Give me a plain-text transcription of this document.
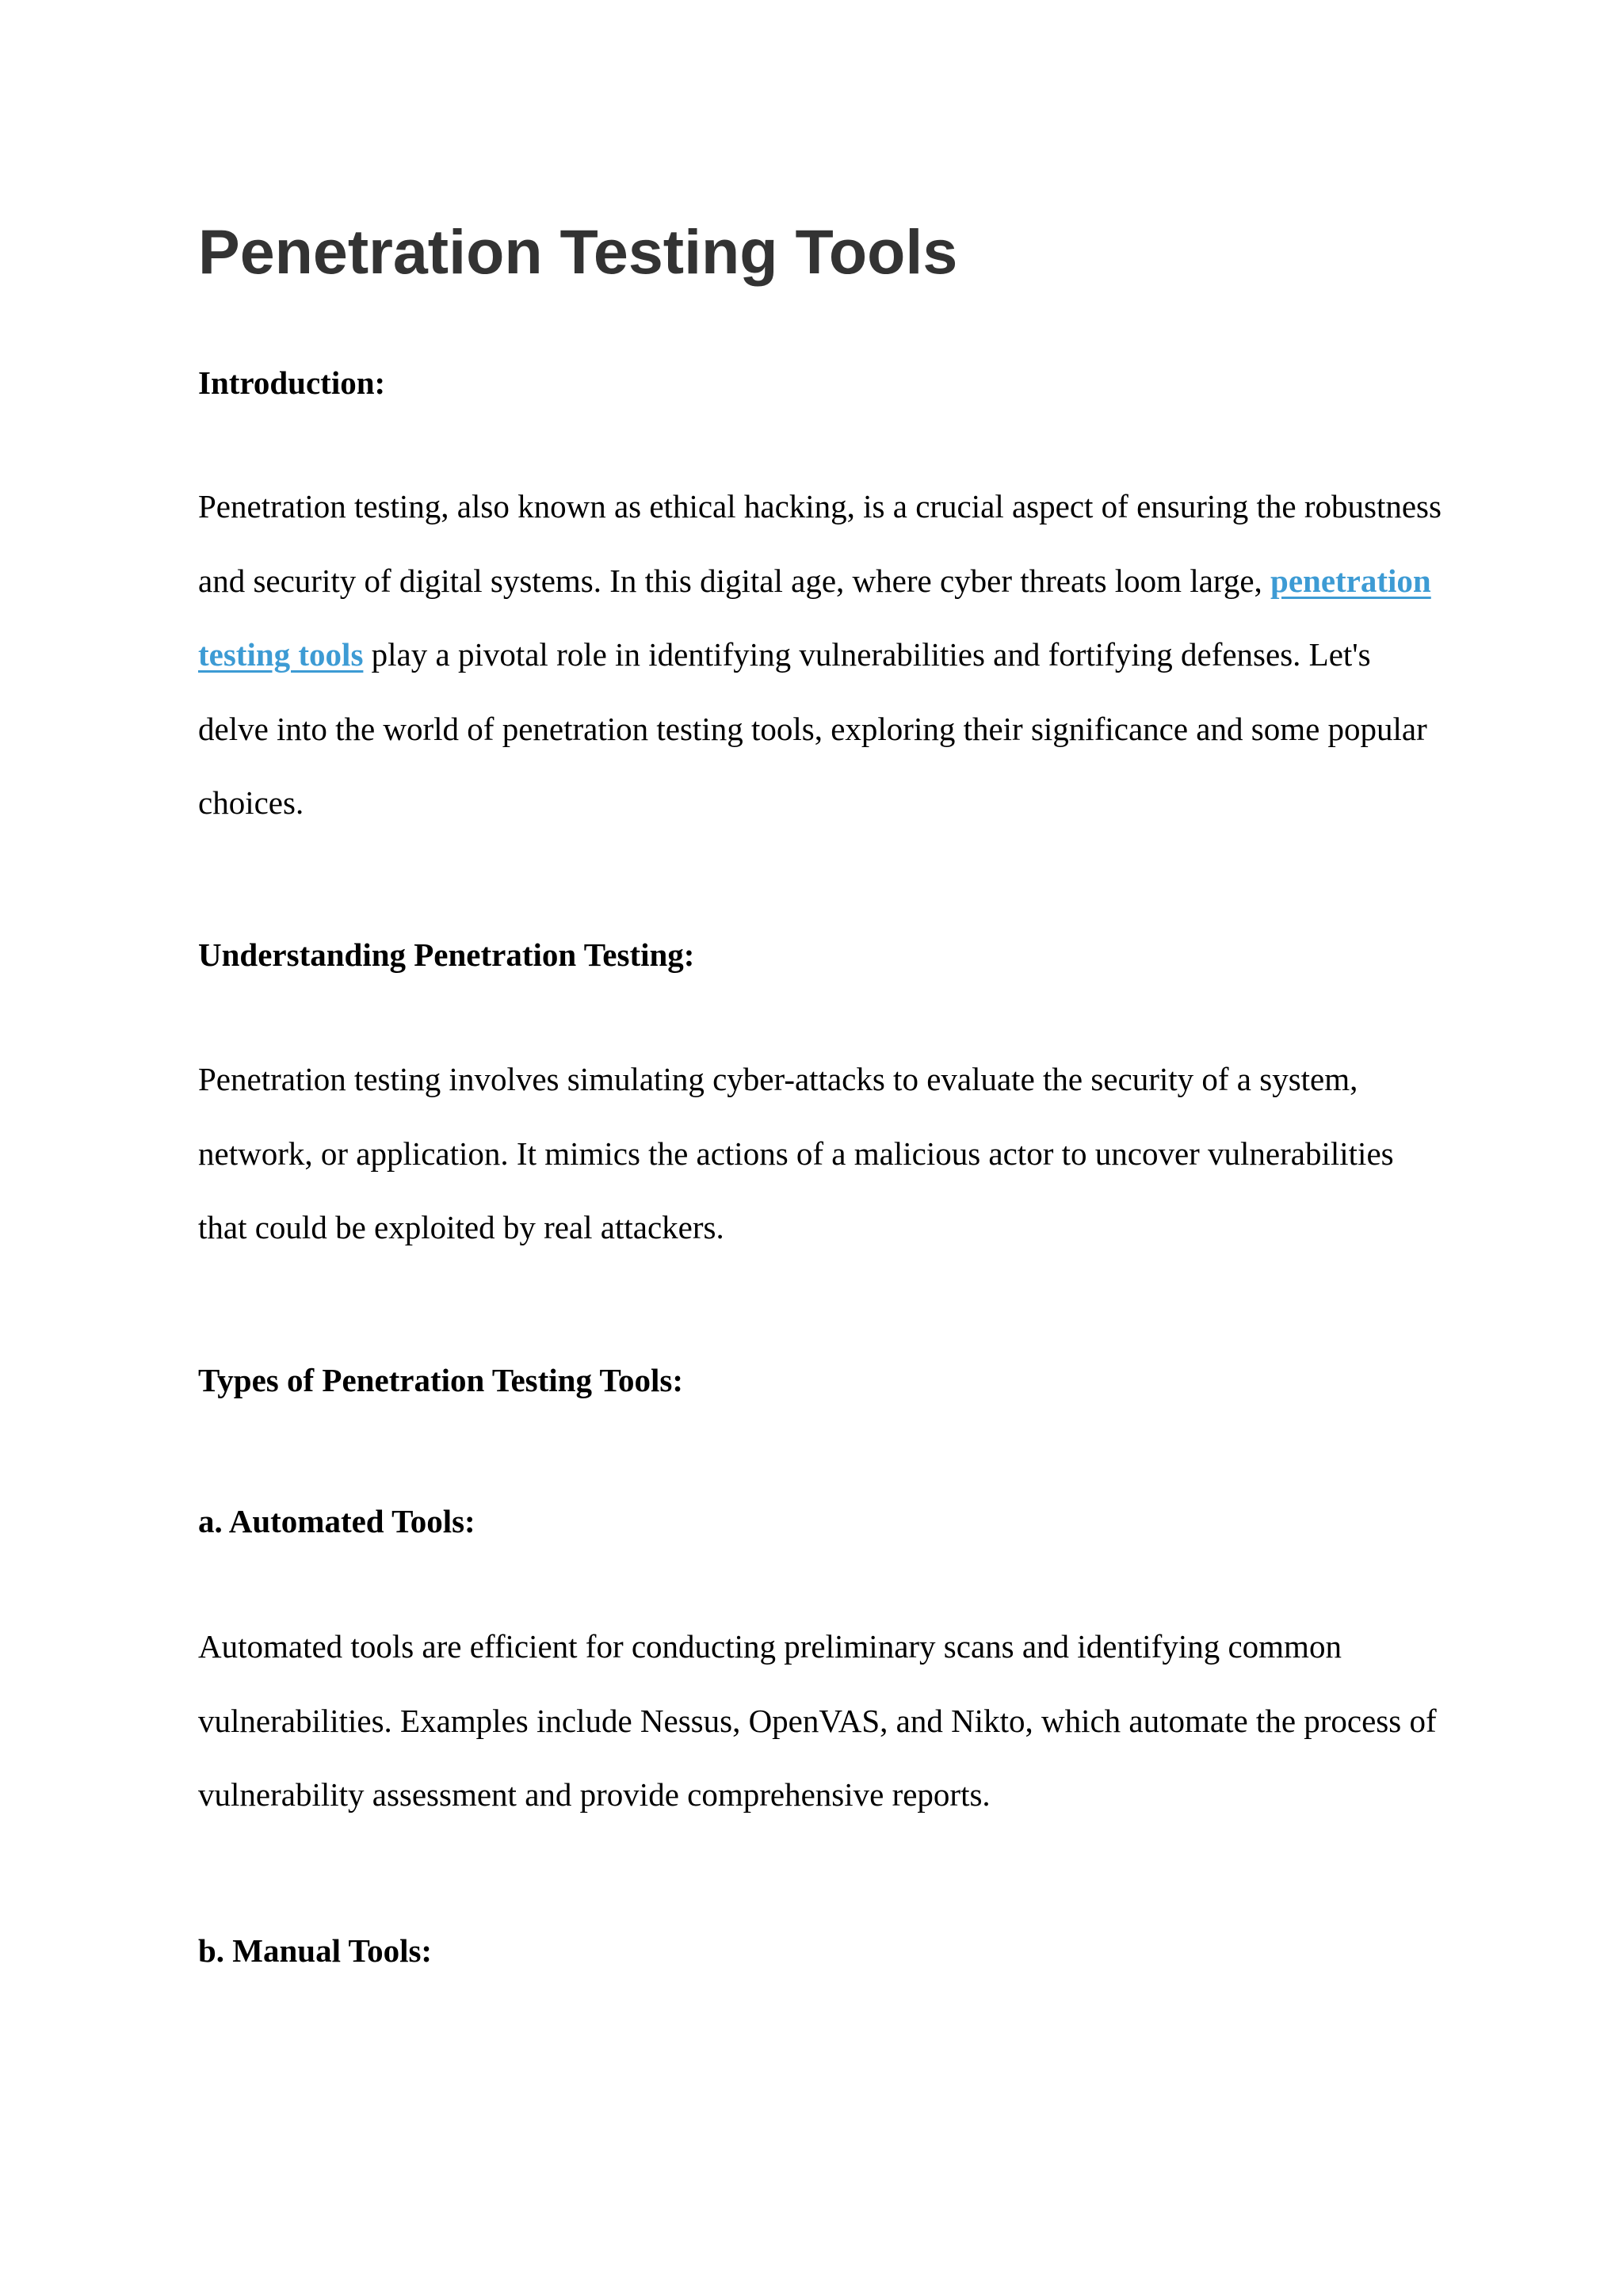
Penetration Testing Tools
Introduction:

Penetration testing, also known as ethical hacking, is a crucial aspect of ensuring the robustness and security of digital systems. In this digital age, where cyber threats loom large, penetration testing tools play a pivotal role in identifying vulnerabilities and fortifying defenses. Let's delve into the world of penetration testing tools, exploring their significance and some popular choices.

Understanding Penetration Testing:

Penetration testing involves simulating cyber-attacks to evaluate the security of a system, network, or application. It mimics the actions of a malicious actor to uncover vulnerabilities that could be exploited by real attackers.

Types of Penetration Testing Tools:
a. Automated Tools:

Automated tools are efficient for conducting preliminary scans and identifying common vulnerabilities. Examples include Nessus, OpenVAS, and Nikto, which automate the process of vulnerability assessment and provide comprehensive reports.

b. Manual Tools:
